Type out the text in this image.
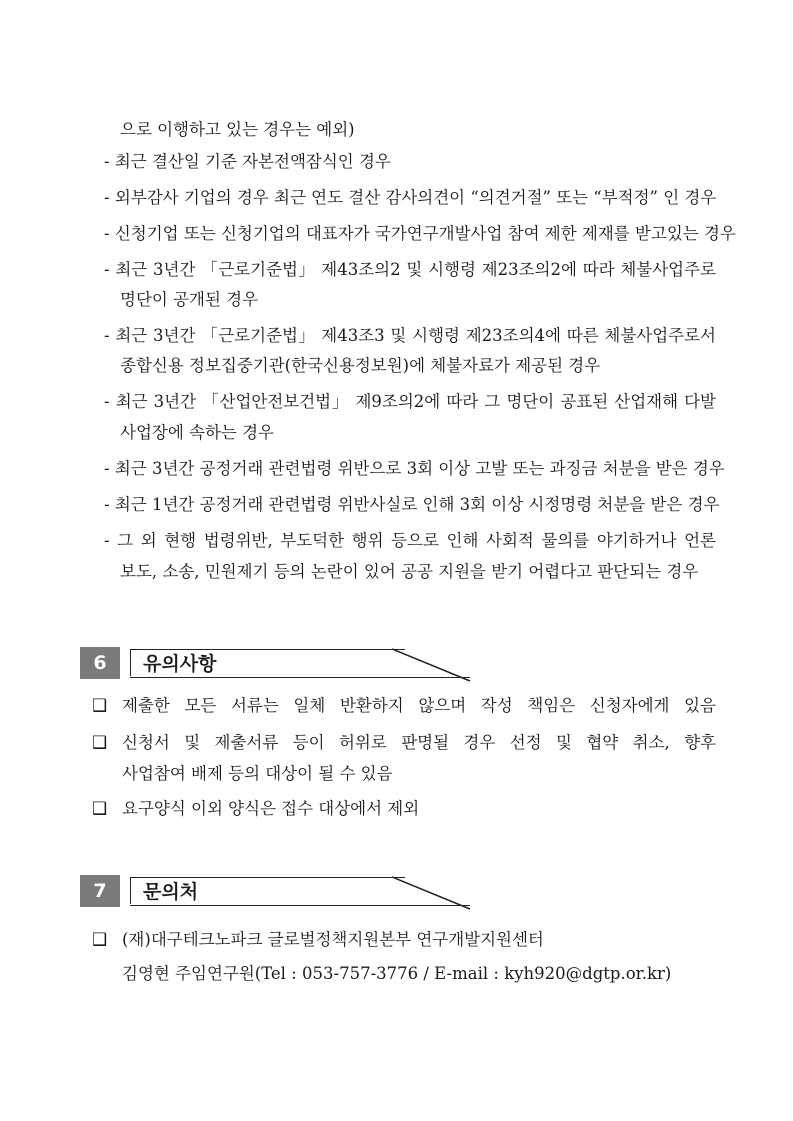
으로 이행하고 있는 경우는 예외)
- 최근 결산일 기준 자본전액잠식인 경우
- 외부감사 기업의 경우 최근 연도 결산 감사의견이 “의견거절” 또는 “부적정” 인 경우
- 신청기업 또는 신청기업의 대표자가 국가연구개발사업 참여 제한 제재를 받고있는 경우
- 최근 3년간 「근로기준법」 제43조의2 및 시행령 제23조의2에 따라 체불사업주로
명단이 공개된 경우
- 최근 3년간 「근로기준법」 제43조3 및 시행령 제23조의4에 따른 체불사업주로서
종합신용 정보집중기관(한국신용정보원)에 체불자료가 제공된 경우
- 최근 3년간 「산업안전보건법」 제9조의2에 따라 그 명단이 공표된 산업재해 다발
사업장에 속하는 경우
- 최근 3년간 공정거래 관련법령 위반으로 3회 이상 고발 또는 과징금 처분을 받은 경우
- 최근 1년간 공정거래 관련법령 위반사실로 인해 3회 이상 시정명령 처분을 받은 경우
- 그 외 현행 법령위반, 부도덕한 행위 등으로 인해 사회적 물의를 야기하거나 언론
보도, 소송, 민원제기 등의 논란이 있어 공공 지원을 받기 어렵다고 판단되는 경우
6	유의사항
❑ 제출한 모든 서류는 일체 반환하지 않으며 작성 책임은 신청자에게 있음
❑ 신청서 및 제출서류 등이 허위로 판명될 경우 선정 및 협약 취소, 향후
사업참여 배제 등의 대상이 될 수 있음
❑ 요구양식 이외 양식은 접수 대상에서 제외
7	문의처
❑ (재)대구테크노파크 글로벌정책지원본부 연구개발지원센터
김영현 주임연구원(Tel : 053-757-3776 / E-mail : kyh920@dgtp.or.kr)
